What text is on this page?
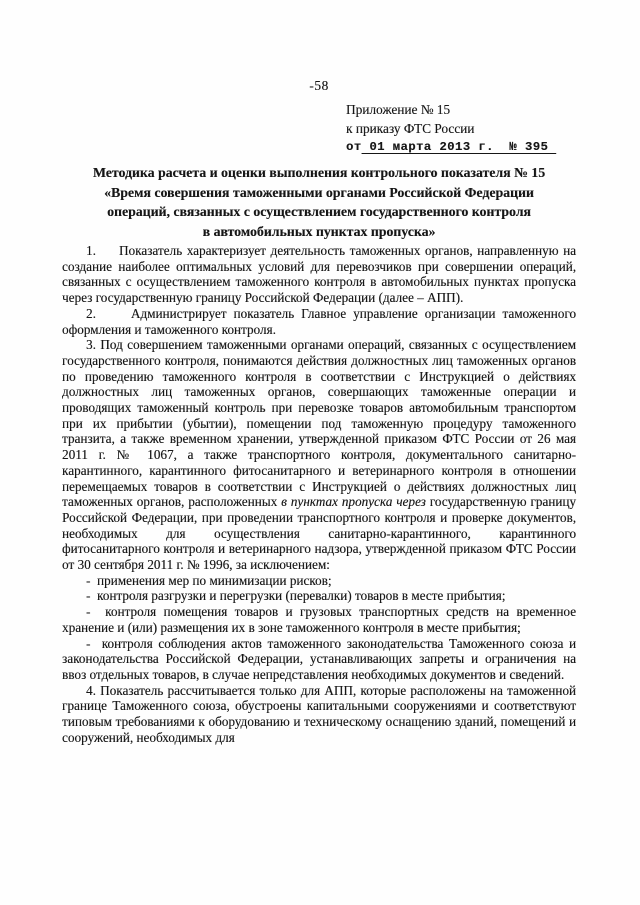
-58
Приложение № 15
к приказу ФТС России
от 01 марта 2013 г.  № 395
Методика расчета и оценки выполнения контрольного показателя № 15
«Время совершения таможенными органами Российской Федерации
операций, связанных с осуществлением государственного контроля
в автомобильных пунктах пропуска»

1.     Показатель характеризует деятельность таможенных органов, направленную на создание наиболее оптимальных условий для перевозчиков при совершении операций, связанных с осуществлением таможенного контроля в автомобильных пунктах пропуска через государственную границу Российской Федерации (далее – АПП).

2.     Администрирует показатель Главное управление организации таможенного оформления и таможенного контроля.

3. Под совершением таможенными органами операций, связанных с осуществлением государственного контроля, понимаются действия должностных лиц таможенных органов по проведению таможенного контроля в соответствии с Инструкцией о действиях должностных лиц таможенных органов, совершающих таможенные операции и проводящих таможенный контроль при перевозке товаров автомобильным транспортом при их прибытии (убытии), помещении под таможенную процедуру таможенного транзита, а также временном хранении, утвержденной приказом ФТС России от 26 мая 2011 г. № 1067, а также транспортного контроля, документального санитарно-карантинного, карантинного фитосанитарного и ветеринарного контроля в отношении перемещаемых товаров в соответствии с Инструкцией о действиях должностных лиц таможенных органов, расположенных в пунктах пропуска через государственную границу Российской Федерации, при проведении транспортного контроля и проверке документов, необходимых для осуществления санитарно-карантинного, карантинного фитосанитарного контроля и ветеринарного надзора, утвержденной приказом ФТС России от 30 сентября 2011 г. № 1996, за исключением:

-  применения мер по минимизации рисков;

-  контроля разгрузки и перегрузки (перевалки) товаров в месте прибытия;

-  контроля помещения товаров и грузовых транспортных средств на временное хранение и (или) размещения их в зоне таможенного контроля в месте прибытия;

-  контроля соблюдения актов таможенного законодательства Таможенного союза и законодательства Российской Федерации, устанавливающих запреты и ограничения на ввоз отдельных товаров, в случае непредставления необходимых документов и сведений.

4. Показатель рассчитывается только для АПП, которые расположены на таможенной границе Таможенного союза, обустроены капитальными сооружениями и соответствуют типовым требованиями к оборудованию и техническому оснащению зданий, помещений и сооружений, необходимых для
